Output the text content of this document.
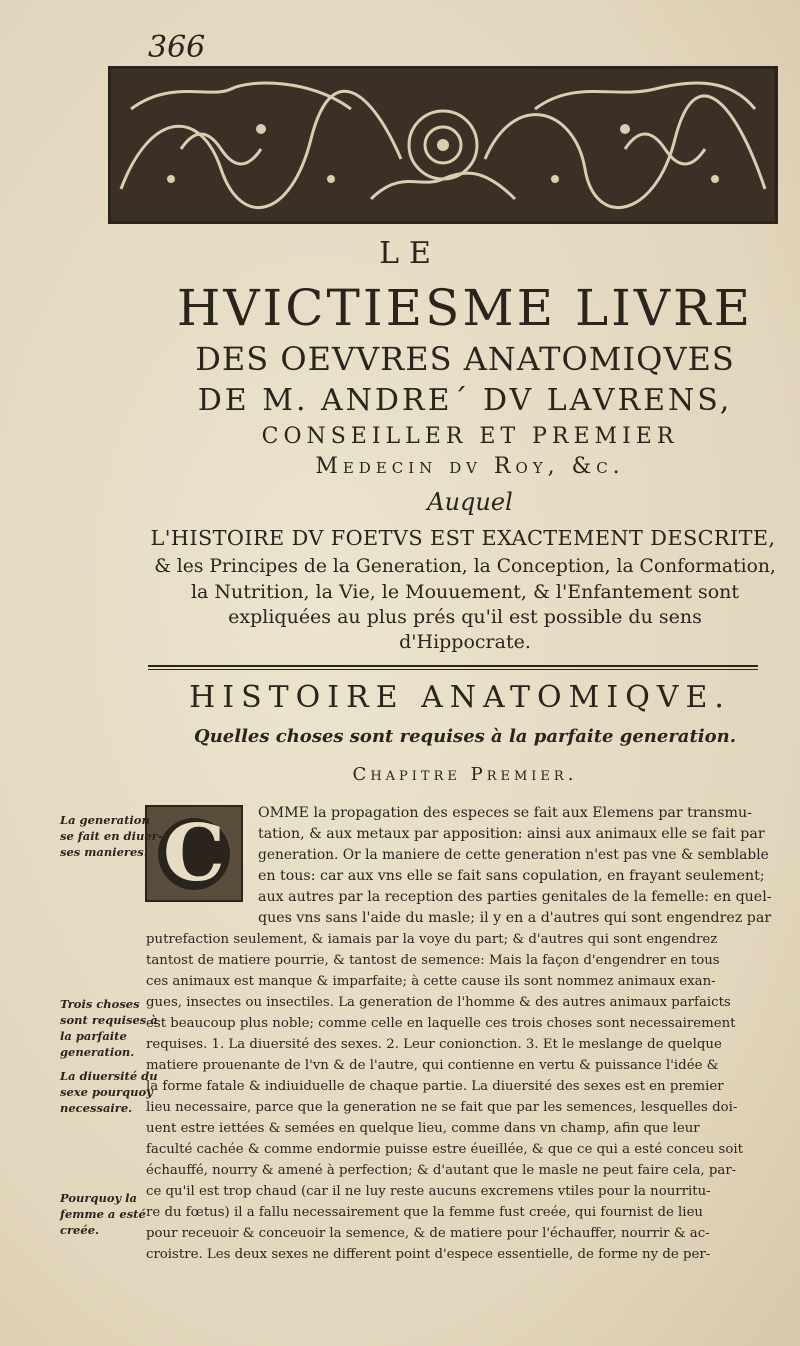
366
LE
HVICTIESME LIVRE
DES OEVVRES ANATOMIQVES
DE M. ANDRE´ DV LAVRENS,
CONSEILLER ET PREMIER
Medecin dv Roy, &c.
Auquel
L'HISTOIRE DV FOETVS EST EXACTEMENT DESCRITE,
& les Principes de la Generation, la Conception, la Conformation,
la Nutrition, la Vie, le Mouuement, & l'Enfantement sont
expliquées au plus prés qu'il est possible du sens
d'Hippocrate.
HISTOIRE ANATOMIQVE.
Quelles choses sont requises à la parfaite generation.
Chapitre Premier.
C	OMME la propagation des especes se fait aux Elemens par transmu-
tation, & aux metaux par apposition: ainsi aux animaux elle se fait par
generation. Or la maniere de cette generation n'est pas vne & semblable
en tous: car aux vns elle se fait sans copulation, en frayant seulement;
aux autres par la reception des parties genitales de la femelle: en quel-
ques vns sans l'aide du masle; il y en a d'autres qui sont engendrez par
putrefaction seulement, & iamais par la voye du part; & d'autres qui sont engendrez
tantost de matiere pourrie, & tantost de semence: Mais la façon d'engendrer en tous
ces animaux est manque & imparfaite; à cette cause ils sont nommez animaux exan-
gues, insectes ou insectiles. La generation de l'homme & des autres animaux parfaicts
est beaucoup plus noble; comme celle en laquelle ces trois choses sont necessairement
requises. 1. La diuersité des sexes. 2. Leur conionction. 3. Et le meslange de quelque
matiere prouenante de l'vn & de l'autre, qui contienne en vertu & puissance l'idée &
la forme fatale & indiuiduelle de chaque partie. La diuersité des sexes est en premier
lieu necessaire, parce que la generation ne se fait que par les semences, lesquelles doi-
uent estre iettées & semées en quelque lieu, comme dans vn champ, afin que leur
faculté cachée & comme endormie puisse estre éueillée, & que ce qui a esté conceu soit
échauffé, nourry & amené à perfection; & d'autant que le masle ne peut faire cela, par-
ce qu'il est trop chaud (car il ne luy reste aucuns excremens vtiles pour la nourritu-
re du fœtus) il a fallu necessairement que la femme fust creée, qui fournist de lieu
pour receuoir & conceuoir la semence, & de matiere pour l'échauffer, nourrir & ac-
croistre. Les deux sexes ne different point d'espece essentielle, de forme ny de per-
La generation
se fait en diuer-
ses manieres.
Trois choses
sont requises à
la parfaite
generation.
La diuersité du
sexe pourquoy
necessaire.
Pourquoy la
femme a esté
creée.
